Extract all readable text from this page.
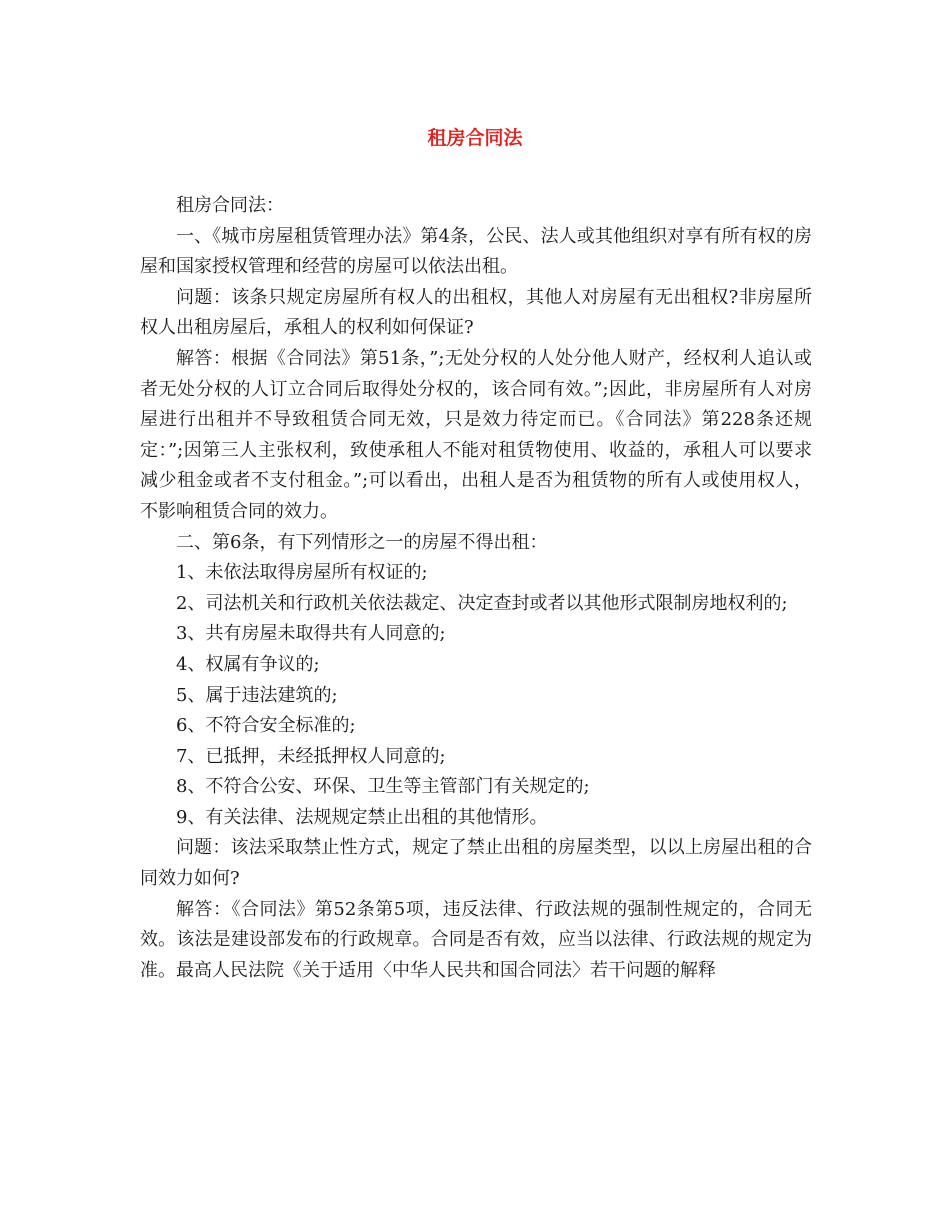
租房合同法

租房合同法：

一、《城市房屋租赁管理办法》第4条，公民、法人或其他组织对享有所有权的房屋和国家授权管理和经营的房屋可以依法出租。

问题：该条只规定房屋所有权人的出租权，其他人对房屋有无出租权?非房屋所权人出租房屋后，承租人的权利如何保证?

解答：根据《合同法》第51条，”;无处分权的人处分他人财产，经权利人追认或者无处分权的人订立合同后取得处分权的，该合同有效。”;因此，非房屋所有人对房屋进行出租并不导致租赁合同无效，只是效力待定而已。《合同法》第228条还规定：”;因第三人主张权利，致使承租人不能对租赁物使用、收益的，承租人可以要求减少租金或者不支付租金。”;可以看出，出租人是否为租赁物的所有人或使用权人，不影响租赁合同的效力。

二、第6条，有下列情形之一的房屋不得出租：

1、未依法取得房屋所有权证的;

2、司法机关和行政机关依法裁定、决定查封或者以其他形式限制房地权利的;

3、共有房屋未取得共有人同意的;

4、权属有争议的;

5、属于违法建筑的;

6、不符合安全标准的;

7、已抵押，未经抵押权人同意的;

8、不符合公安、环保、卫生等主管部门有关规定的;

9、有关法律、法规规定禁止出租的其他情形。

问题：该法采取禁止性方式，规定了禁止出租的房屋类型，以以上房屋出租的合同效力如何?

解答：《合同法》第52条第5项，违反法律、行政法规的强制性规定的，合同无效。该法是建设部发布的行政规章。合同是否有效，应当以法律、行政法规的规定为准。最高人民法院《关于适用〈中华人民共和国合同法〉若干问题的解释
